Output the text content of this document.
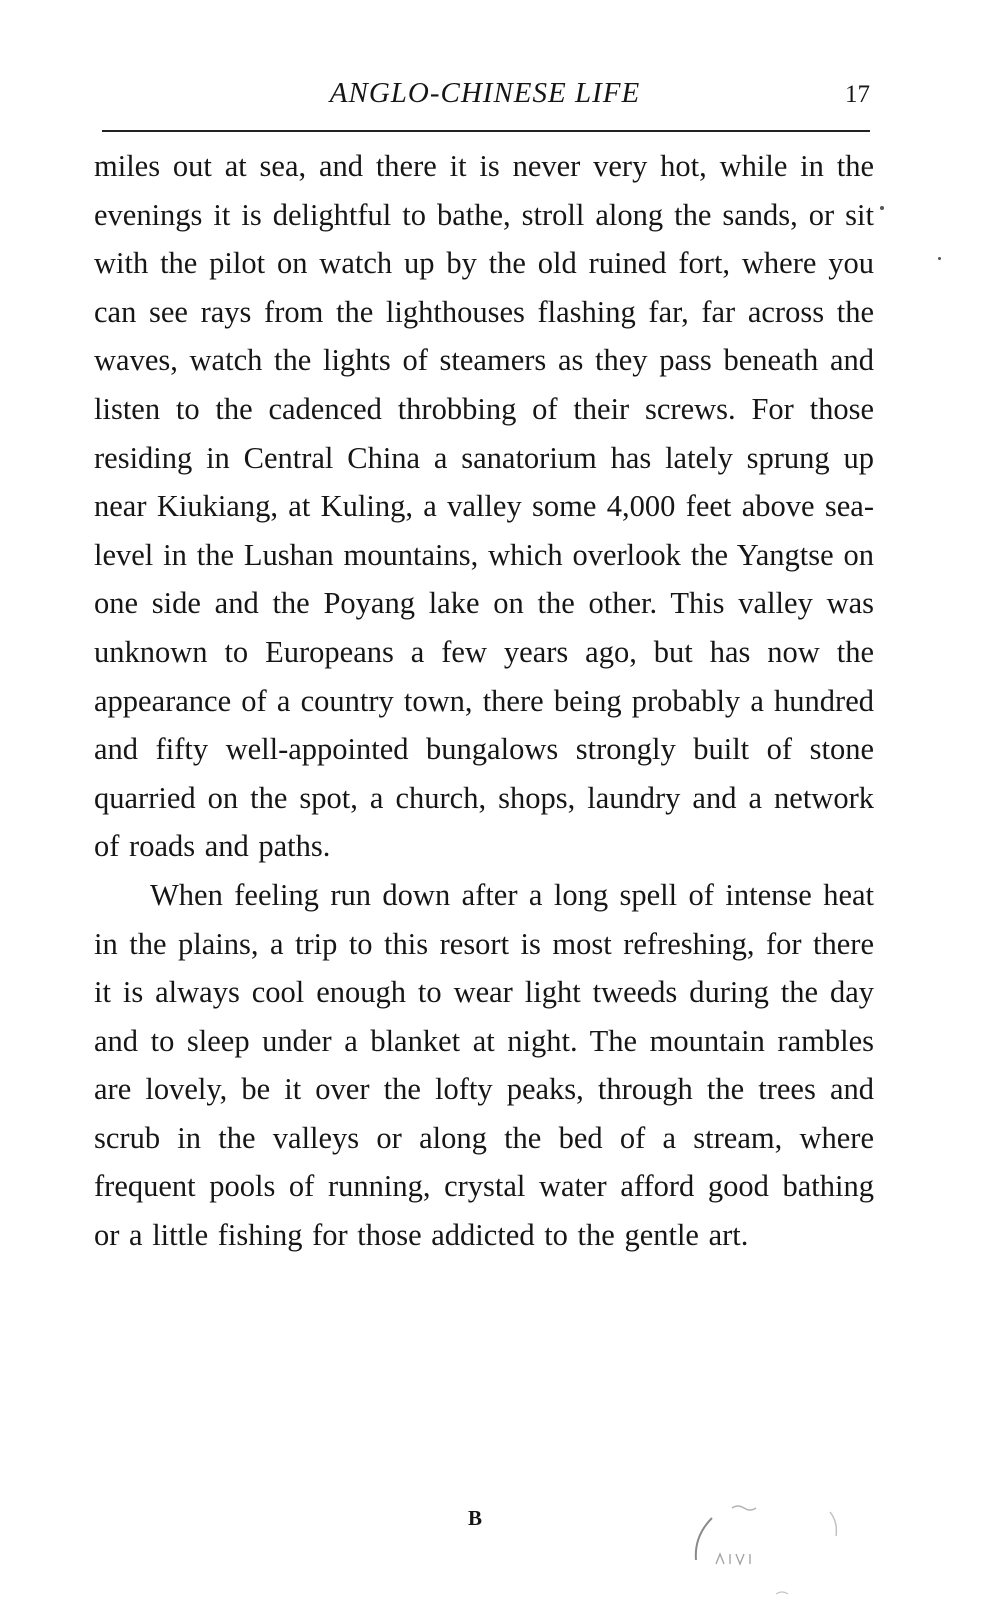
ANGLO-CHINESE LIFE	17

miles out at sea, and there it is never very hot, while in the evenings it is delightful to bathe, stroll along the sands, or sit with the pilot on watch up by the old ruined fort, where you can see rays from the lighthouses flashing far, far across the waves, watch the lights of steamers as they pass beneath and listen to the cadenced throbbing of their screws. For those residing in Central China a sanatorium has lately sprung up near Kiukiang, at Kuling, a valley some 4,000 feet above sea-level in the Lushan mountains, which overlook the Yangtse on one side and the Poyang lake on the other. This valley was unknown to Europeans a few years ago, but has now the appearance of a country town, there being probably a hundred and fifty well-appointed bungalows strongly built of stone quarried on the spot, a church, shops, laundry and a network of roads and paths.

When feeling run down after a long spell of intense heat in the plains, a trip to this resort is most refreshing, for there it is always cool enough to wear light tweeds during the day and to sleep under a blanket at night. The mountain rambles are lovely, be it over the lofty peaks, through the trees and scrub in the valleys or along the bed of a stream, where frequent pools of running, crystal water afford good bathing or a little fishing for those addicted to the gentle art.

B
